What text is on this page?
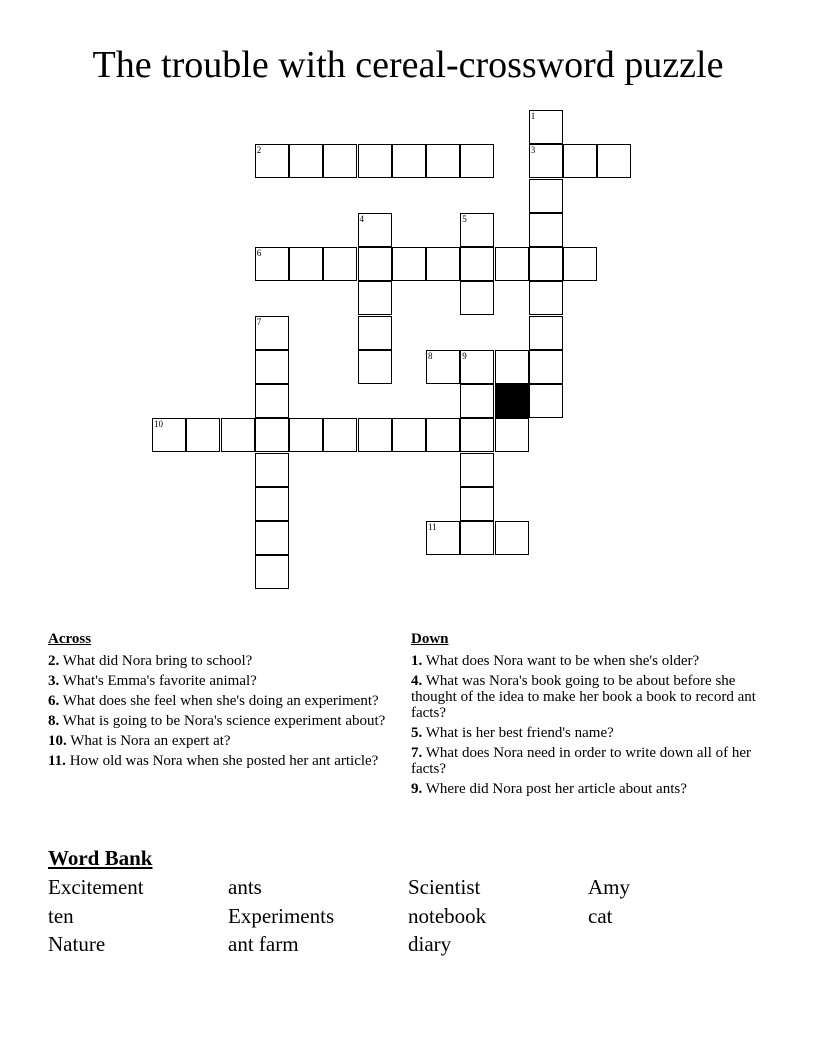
The trouble with cereal-crossword puzzle
1
2	3
4	5
6
7
8	9
10
11
Across
2. What did Nora bring to school?
3. What's Emma's favorite animal?
6. What does she feel when she's doing an experiment?
8. What is going to be Nora's science experiment about?
10. What is Nora an expert at?
11. How old was Nora when she posted her ant article?
Down
1. What does Nora want to be when she's older?
4. What was Nora's book going to be about before she thought of the idea to make her book a book to record ant facts?
5. What is her best friend's name?
7. What does Nora need in order to write down all of her facts?
9. Where did Nora post her article about ants?
Word Bank
Excitement	ants	Scientist	Amy
ten	Experiments	notebook	cat
Nature	ant farm	diary
